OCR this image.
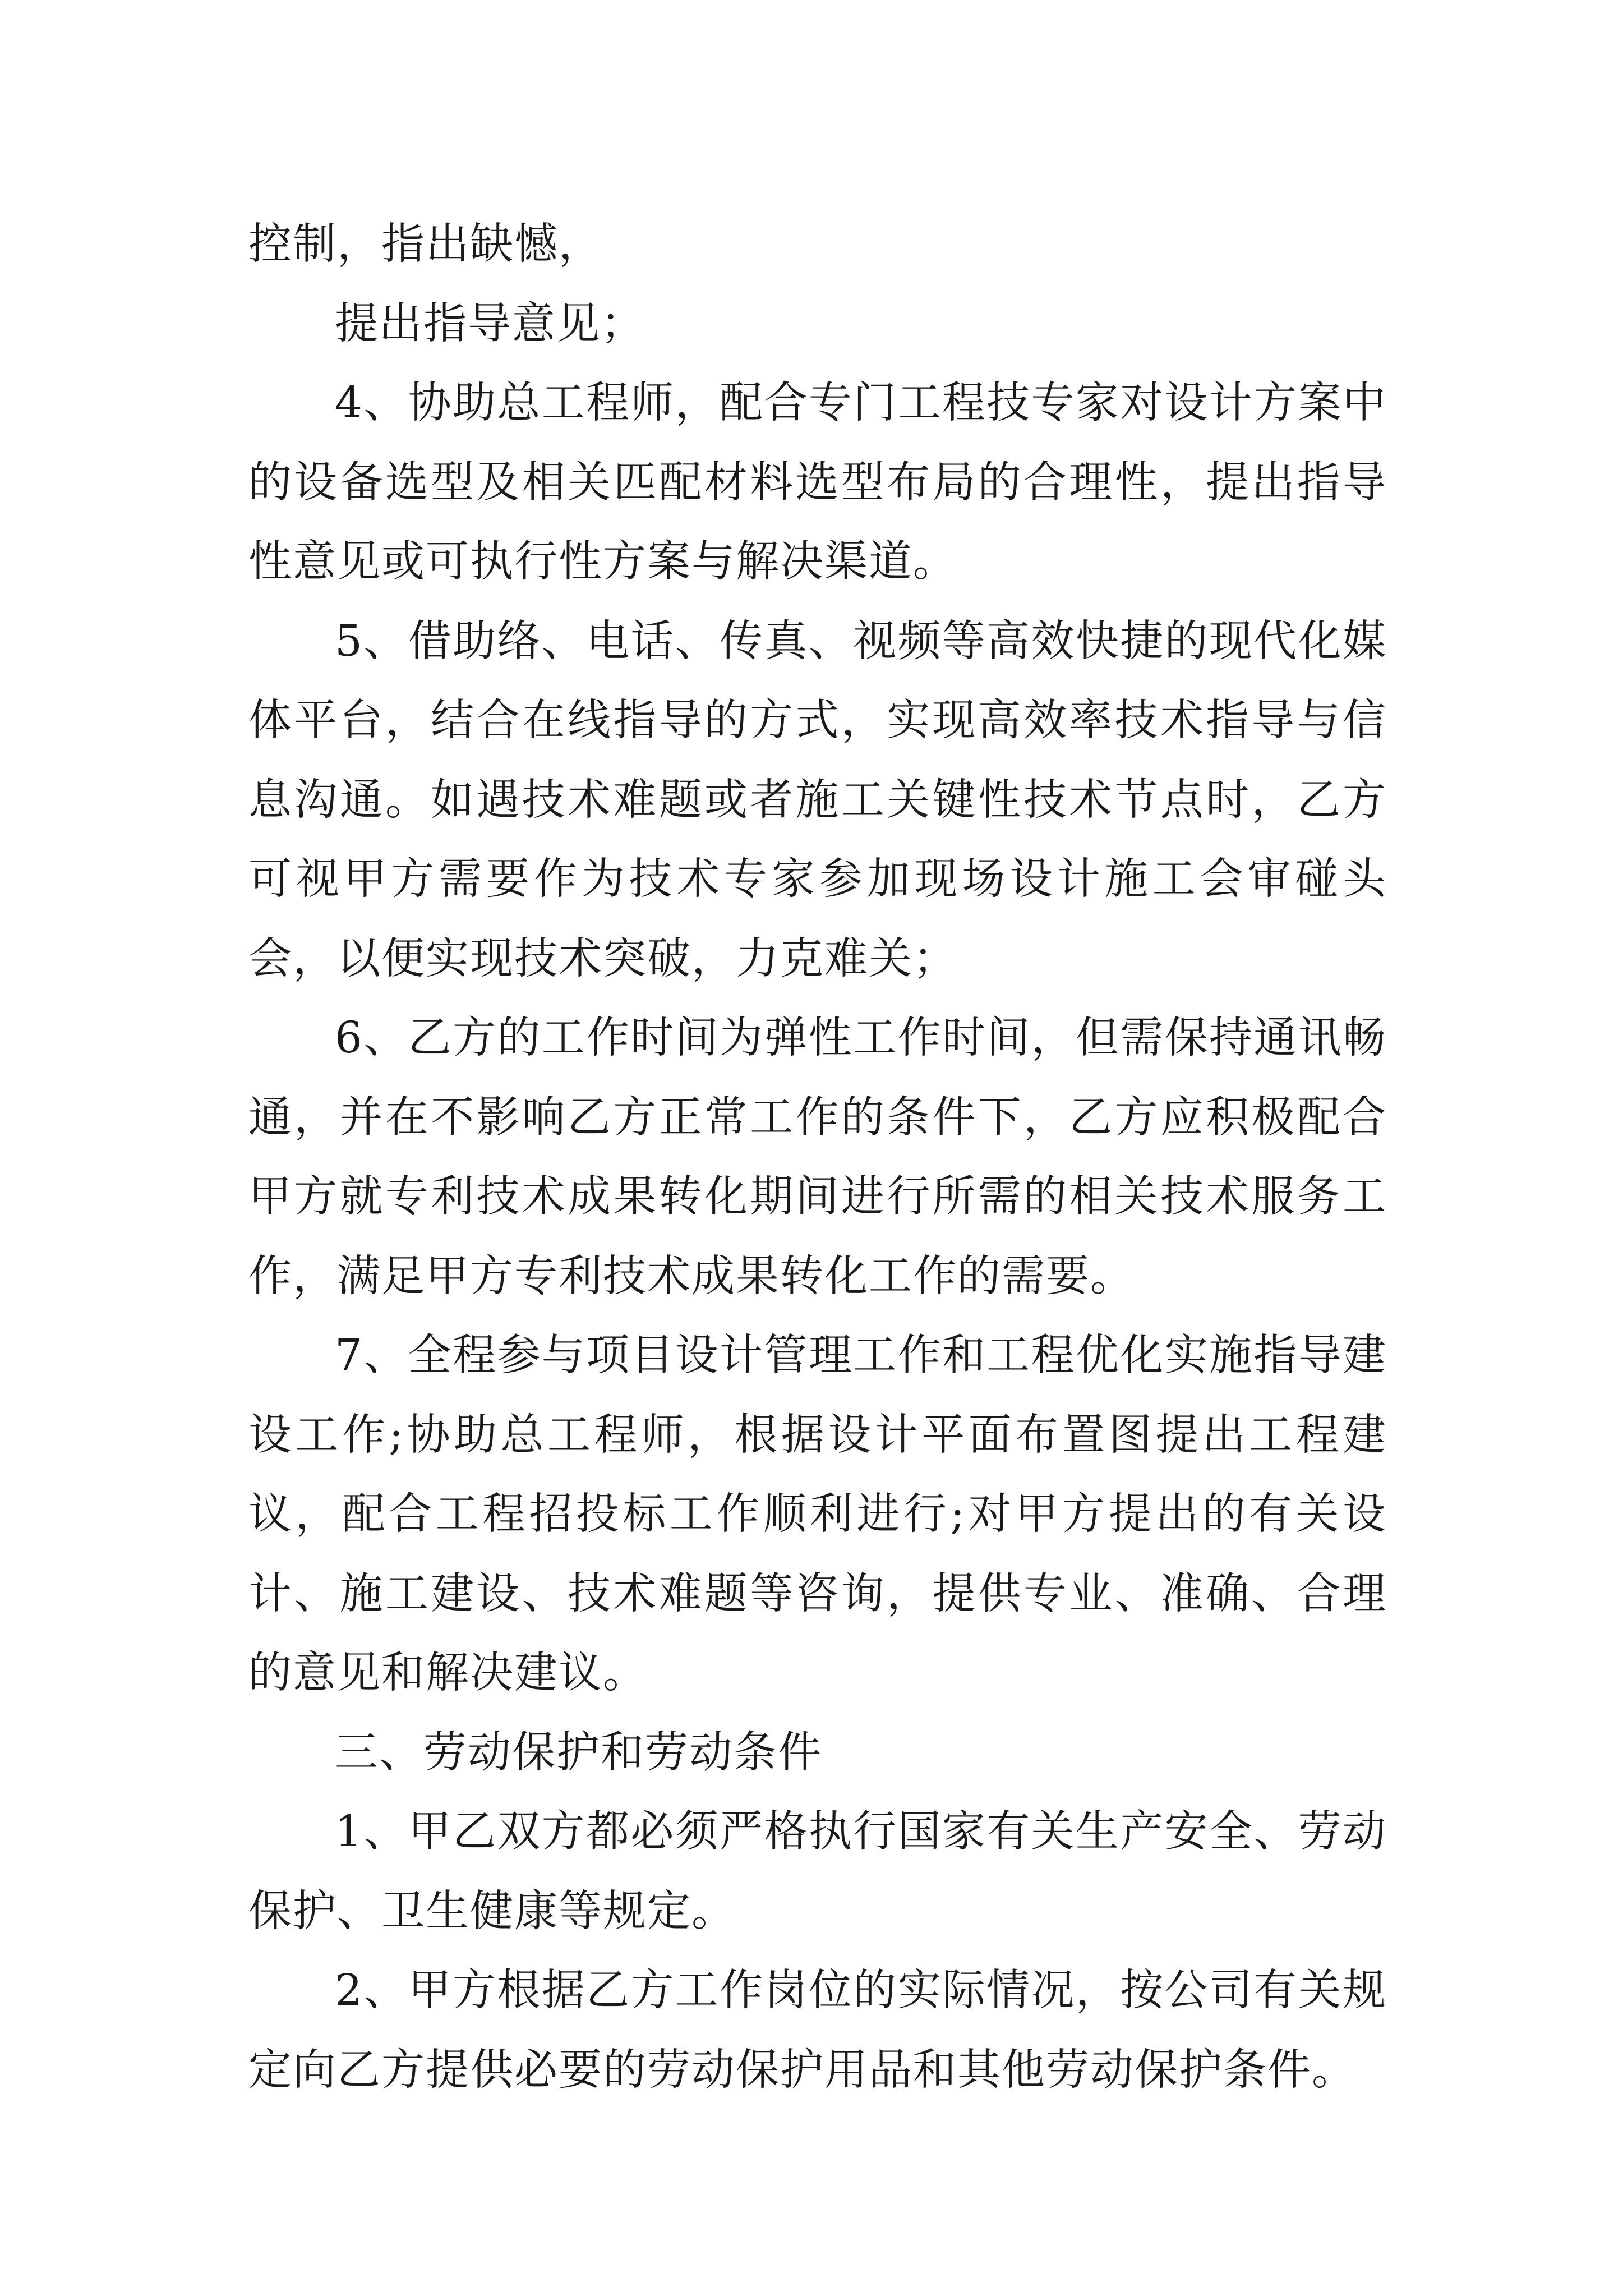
控制，指出缺憾，

提出指导意见；

4、协助总工程师，配合专门工程技专家对设计方案中的设备选型及相关匹配材料选型布局的合理性，提出指导性意见或可执行性方案与解决渠道。

5、借助络、电话、传真、视频等高效快捷的现代化媒体平台，结合在线指导的方式，实现高效率技术指导与信息沟通。如遇技术难题或者施工关键性技术节点时，乙方可视甲方需要作为技术专家参加现场设计施工会审碰头会，以便实现技术突破，力克难关；

6、乙方的工作时间为弹性工作时间，但需保持通讯畅通，并在不影响乙方正常工作的条件下，乙方应积极配合甲方就专利技术成果转化期间进行所需的相关技术服务工作，满足甲方专利技术成果转化工作的需要。

7、全程参与项目设计管理工作和工程优化实施指导建设工作;协助总工程师，根据设计平面布置图提出工程建议，配合工程招投标工作顺利进行;对甲方提出的有关设计、施工建设、技术难题等咨询，提供专业、准确、合理的意见和解决建议。

三、劳动保护和劳动条件

1、甲乙双方都必须严格执行国家有关生产安全、劳动保护、卫生健康等规定。

2、甲方根据乙方工作岗位的实际情况，按公司有关规定向乙方提供必要的劳动保护用品和其他劳动保护条件。
